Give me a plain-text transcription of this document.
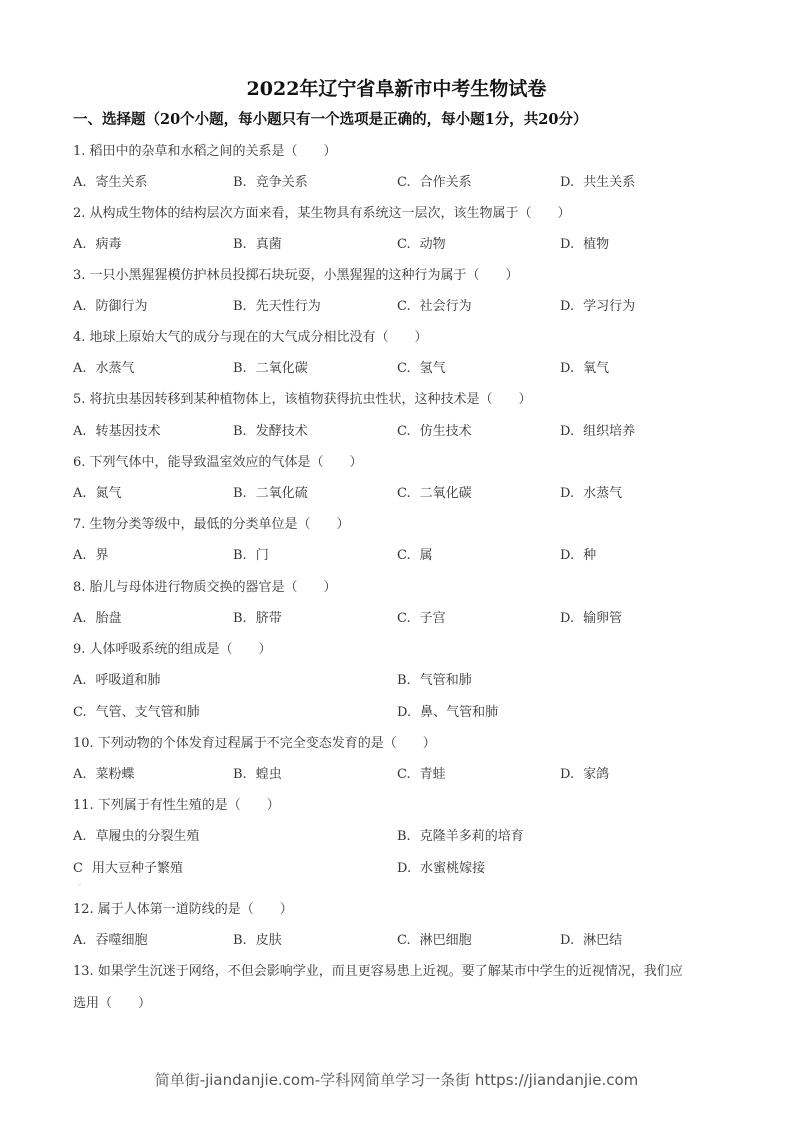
2022年辽宁省阜新市中考生物试卷
一、选择题（20个小题，每小题只有一个选项是正确的，每小题1分，共20分）
1. 稻田中的杂草和水稻之间的关系是（　　）
A. 寄生关系	B. 竞争关系	C. 合作关系	D. 共生关系
2. 从构成生物体的结构层次方面来看，某生物具有系统这一层次，该生物属于（　　）
A. 病毒	B. 真菌	C. 动物	D. 植物
3. 一只小黑猩猩模仿护林员投掷石块玩耍，小黑猩猩的这种行为属于（　　）
A. 防御行为	B. 先天性行为	C. 社会行为	D. 学习行为
4. 地球上原始大气的成分与现在的大气成分相比没有（　　）
A. 水蒸气	B. 二氧化碳	C. 氢气	D. 氧气
5. 将抗虫基因转移到某种植物体上，该植物获得抗虫性状，这种技术是（　　）
A. 转基因技术	B. 发酵技术	C. 仿生技术	D. 组织培养
6. 下列气体中，能导致温室效应的气体是（　　）
A. 氮气	B. 二氧化硫	C. 二氧化碳	D. 水蒸气
7. 生物分类等级中，最低的分类单位是（　　）
A. 界	B. 门	C. 属	D. 种
8. 胎儿与母体进行物质交换的器官是（　　）
A. 胎盘	B. 脐带	C. 子宫	D. 输卵管
9. 人体呼吸系统的组成是（　　）
A. 呼吸道和肺	B. 气管和肺
C. 气管、支气管和肺	D. 鼻、气管和肺
10. 下列动物的个体发育过程属于不完全变态发育的是（　　）
A. 菜粉蝶	B. 蝗虫	C. 青蛙	D. 家鸽
11. 下列属于有性生殖的是（　　）
A. 草履虫的分裂生殖	B. 克隆羊多莉的培育
C 用大豆种子繁殖	D. 水蜜桃嫁接
12. 属于人体第一道防线的是（　　）
A. 吞噬细胞	B. 皮肤	C. 淋巴细胞	D. 淋巴结
13. 如果学生沉迷于网络，不但会影响学业，而且更容易患上近视。要了解某市中学生的近视情况，我们应
选用（　　）
.
简单街-jiandanjie.com-学科网简单学习一条街 https://jiandanjie.com
